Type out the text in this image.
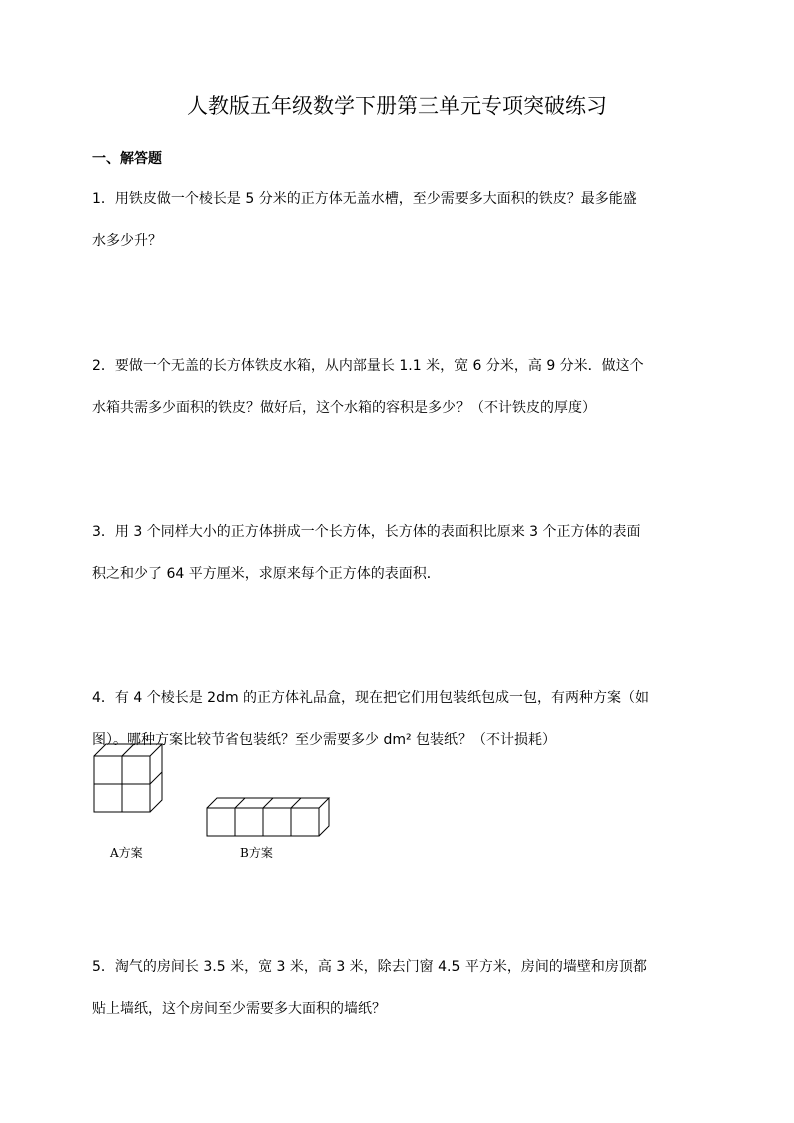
人教版五年级数学下册第三单元专项突破练习
一、解答题
1．用铁皮做一个棱长是 5 分米的正方体无盖水槽，至少需要多大面积的铁皮？最多能盛
水多少升？
2．要做一个无盖的长方体铁皮水箱，从内部量长 1.1 米，宽 6 分米，高 9 分米．做这个
水箱共需多少面积的铁皮？做好后，这个水箱的容积是多少？（不计铁皮的厚度）
3．用 3 个同样大小的正方体拼成一个长方体，长方体的表面积比原来 3 个正方体的表面
积之和少了 64 平方厘米，求原来每个正方体的表面积．
4．有 4 个棱长是 2dm 的正方体礼品盒，现在把它们用包装纸包成一包，有两种方案（如
图）。哪种方案比较节省包装纸？至少需要多少 dm² 包装纸？（不计损耗）
A方案	B方案
5．淘气的房间长 3.5 米，宽 3 米，高 3 米，除去门窗 4.5 平方米，房间的墙壁和房顶都
贴上墙纸，这个房间至少需要多大面积的墙纸？
